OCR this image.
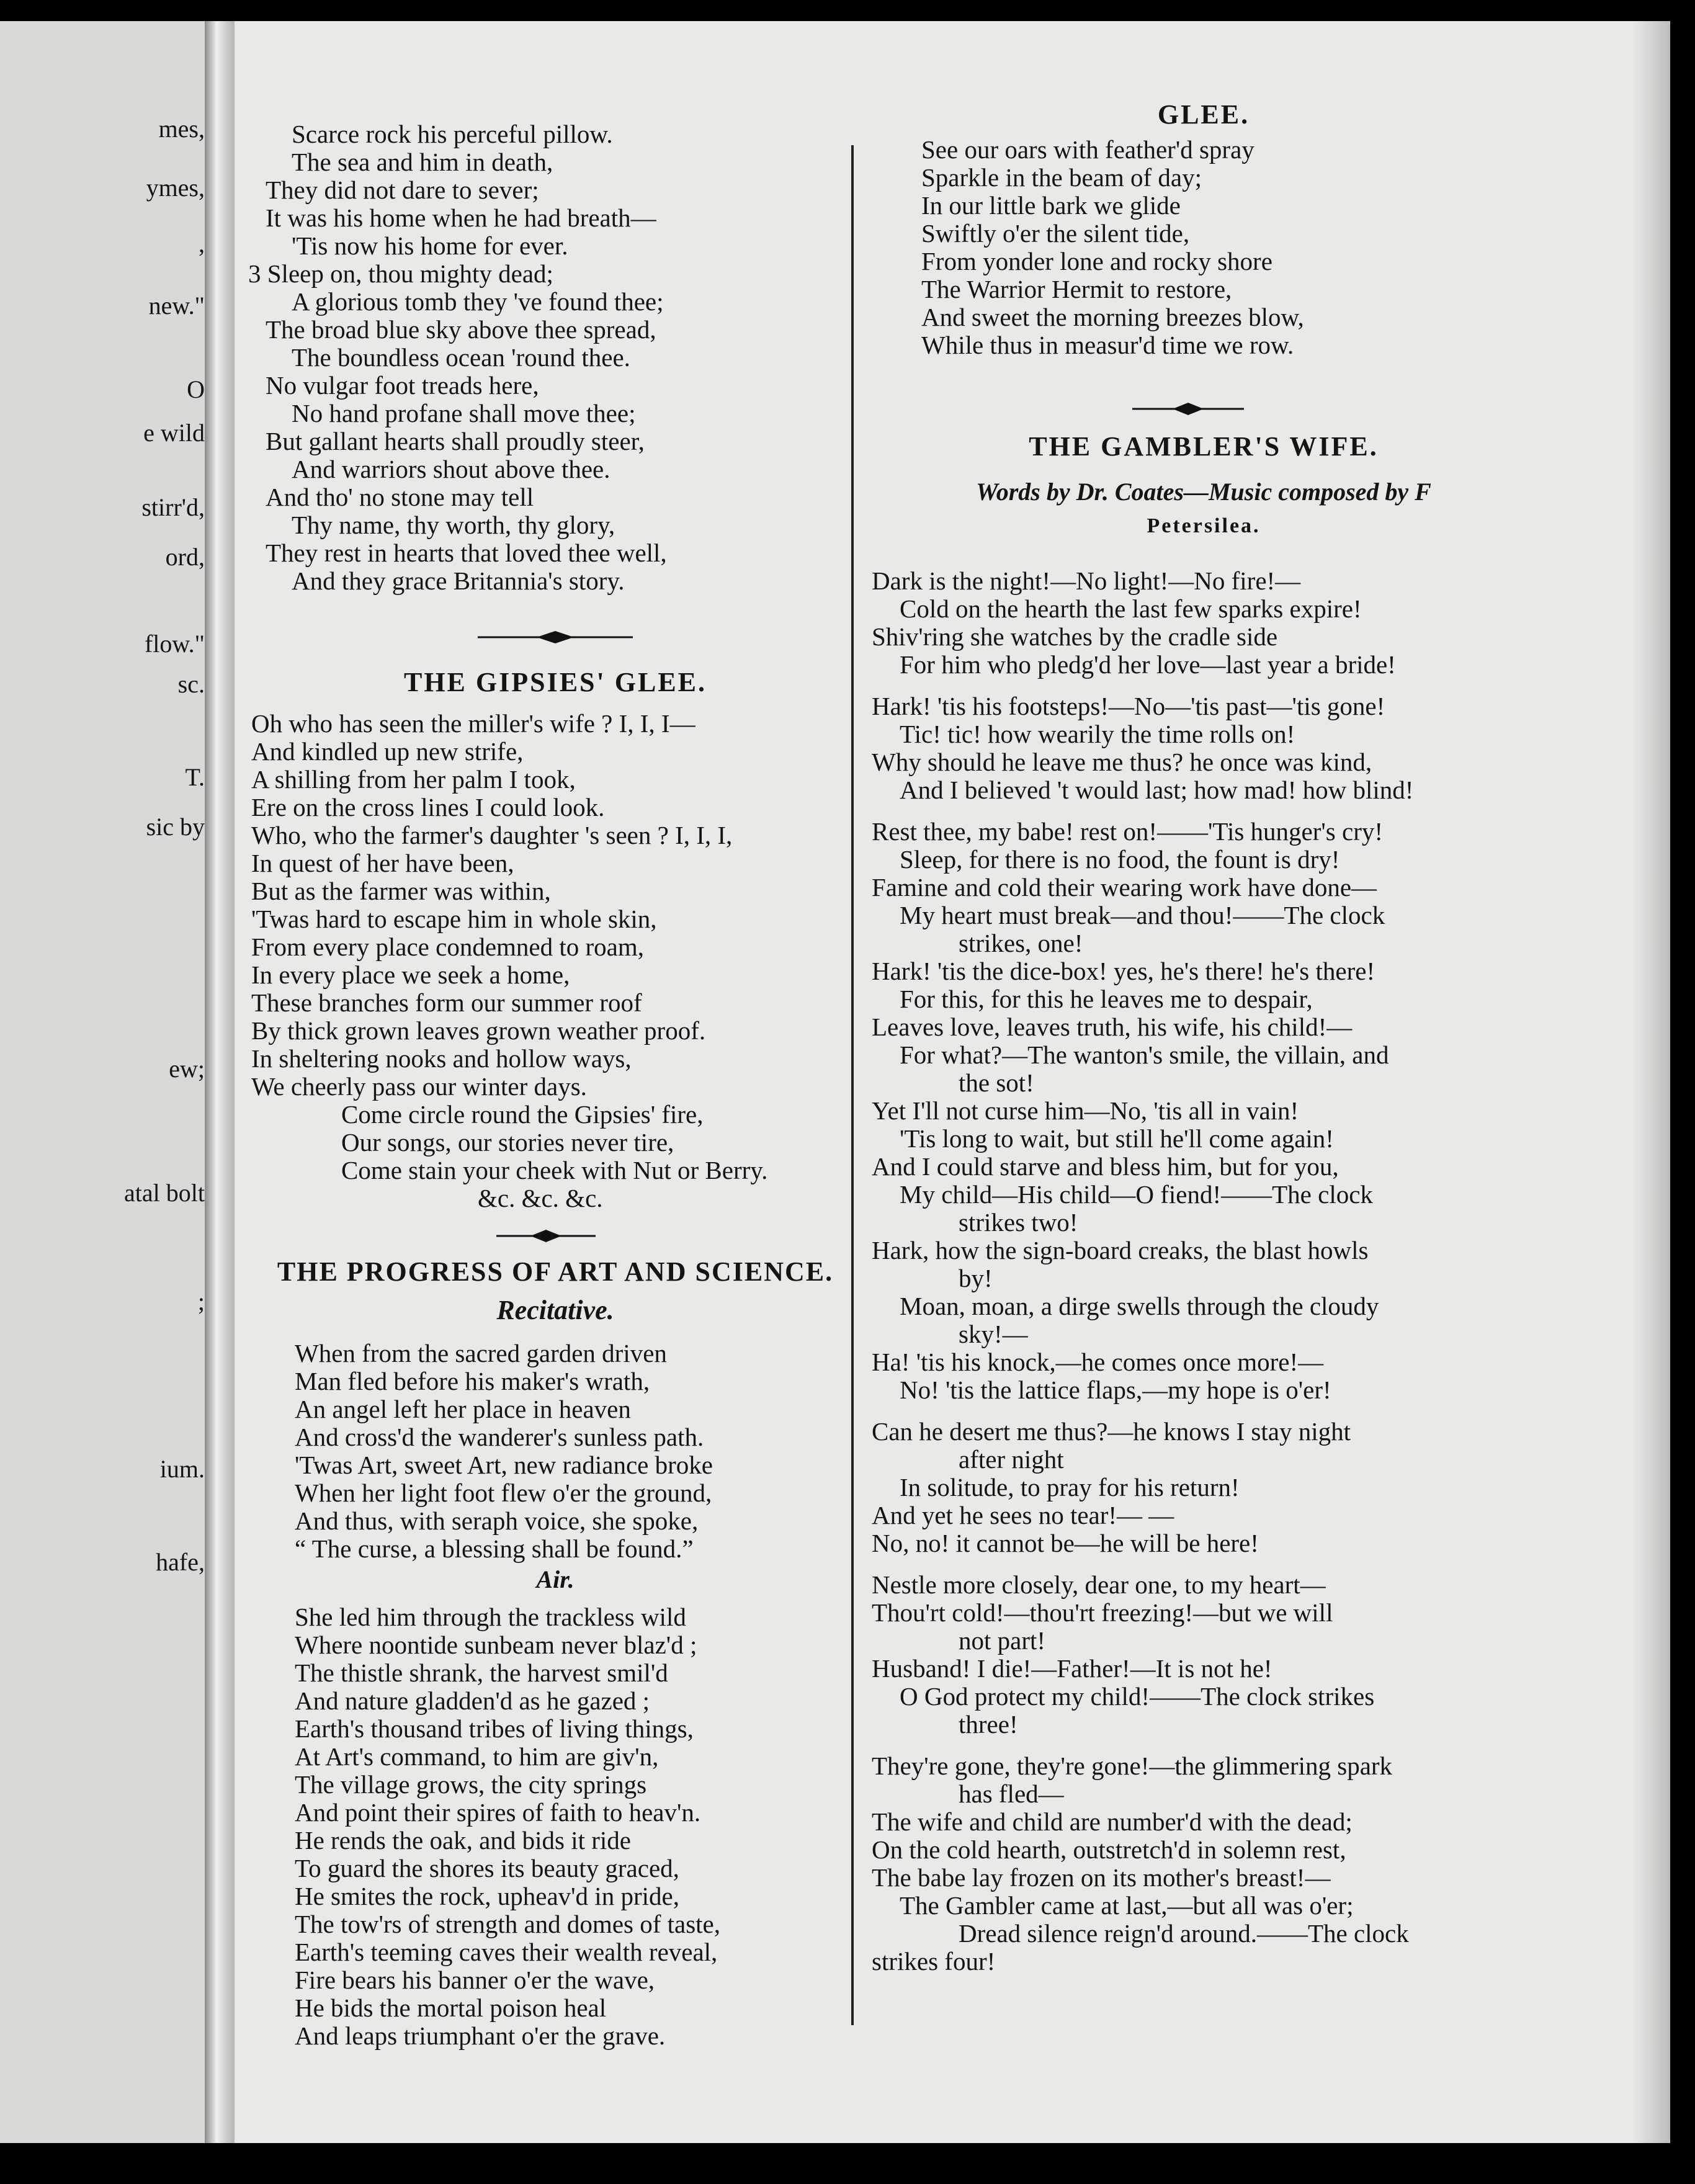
mes,
ymes,
,
new."
O
e wild
stirr'd,
ord,
flow."
sc.
T.
sic by
ew;
atal bolt
;
ium.
hafe,
Scarce rock his perceful pillow.
The sea and him in death,
They did not dare to sever;
It was his home when he had breath—
'Tis now his home for ever.
3 Sleep on, thou mighty dead;
A glorious tomb they 've found thee;
The broad blue sky above thee spread,
The boundless ocean 'round thee.
No vulgar foot treads here,
No hand profane shall move thee;
But gallant hearts shall proudly steer,
And warriors shout above thee.
And tho' no stone may tell
Thy name, thy worth, thy glory,
They rest in hearts that loved thee well,
And they grace Britannia's story.
THE GIPSIES' GLEE.
Oh who has seen the miller's wife ? I, I, I—
And kindled up new strife,
A shilling from her palm I took,
Ere on the cross lines I could look.
Who, who the farmer's daughter 's seen ? I, I, I,
In quest of her have been,
But as the farmer was within,
'Twas hard to escape him in whole skin,
From every place condemned to roam,
In every place we seek a home,
These branches form our summer roof
By thick grown leaves grown weather proof.
In sheltering nooks and hollow ways,
We cheerly pass our winter days.
Come circle round the Gipsies' fire,
Our songs, our stories never tire,
Come stain your cheek with Nut or Berry.
&c. &c. &c.
THE PROGRESS OF ART AND SCIENCE.
Recitative.
When from the sacred garden driven
Man fled before his maker's wrath,
An angel left her place in heaven
And cross'd the wanderer's sunless path.
'Twas Art, sweet Art, new radiance broke
When her light foot flew o'er the ground,
And thus, with seraph voice, she spoke,
“ The curse, a blessing shall be found.”
Air.
She led him through the trackless wild
Where noontide sunbeam never blaz'd ;
The thistle shrank, the harvest smil'd
And nature gladden'd as he gazed ;
Earth's thousand tribes of living things,
At Art's command, to him are giv'n,
The village grows, the city springs
And point their spires of faith to heav'n.
He rends the oak, and bids it ride
To guard the shores its beauty graced,
He smites the rock, upheav'd in pride,
The tow'rs of strength and domes of taste,
Earth's teeming caves their wealth reveal,
Fire bears his banner o'er the wave,
He bids the mortal poison heal
And leaps triumphant o'er the grave.
GLEE.
See our oars with feather'd spray
Sparkle in the beam of day;
In our little bark we glide
Swiftly o'er the silent tide,
From yonder lone and rocky shore
The Warrior Hermit to restore,
And sweet the morning breezes blow,
While thus in measur'd time we row.
THE GAMBLER'S WIFE.
Words by Dr. Coates—Music composed by F
Petersilea.
Dark is the night!—No light!—No fire!—
Cold on the hearth the last few sparks expire!
Shiv'ring she watches by the cradle side
For him who pledg'd her love—last year a bride!
Hark! 'tis his footsteps!—No—'tis past—'tis gone!
Tic! tic! how wearily the time rolls on!
Why should he leave me thus? he once was kind,
And I believed 't would last; how mad! how blind!
Rest thee, my babe! rest on!——'Tis hunger's cry!
Sleep, for there is no food, the fount is dry!
Famine and cold their wearing work have done—
My heart must break—and thou!——The clock
strikes, one!
Hark! 'tis the dice-box! yes, he's there! he's there!
For this, for this he leaves me to despair,
Leaves love, leaves truth, his wife, his child!—
For what?—The wanton's smile, the villain, and
the sot!
Yet I'll not curse him—No, 'tis all in vain!
'Tis long to wait, but still he'll come again!
And I could starve and bless him, but for you,
My child—His child—O fiend!——The clock
strikes two!
Hark, how the sign-board creaks, the blast howls
by!
Moan, moan, a dirge swells through the cloudy
sky!—
Ha! 'tis his knock,—he comes once more!—
No! 'tis the lattice flaps,—my hope is o'er!
Can he desert me thus?—he knows I stay night
after night
In solitude, to pray for his return!
And yet he sees no tear!— —
No, no! it cannot be—he will be here!
Nestle more closely, dear one, to my heart—
Thou'rt cold!—thou'rt freezing!—but we will
not part!
Husband! I die!—Father!—It is not he!
O God protect my child!——The clock strikes
three!
They're gone, they're gone!—the glimmering spark
has fled—
The wife and child are number'd with the dead;
On the cold hearth, outstretch'd in solemn rest,
The babe lay frozen on its mother's breast!—
The Gambler came at last,—but all was o'er;
Dread silence reign'd around.——The clock
strikes four!
